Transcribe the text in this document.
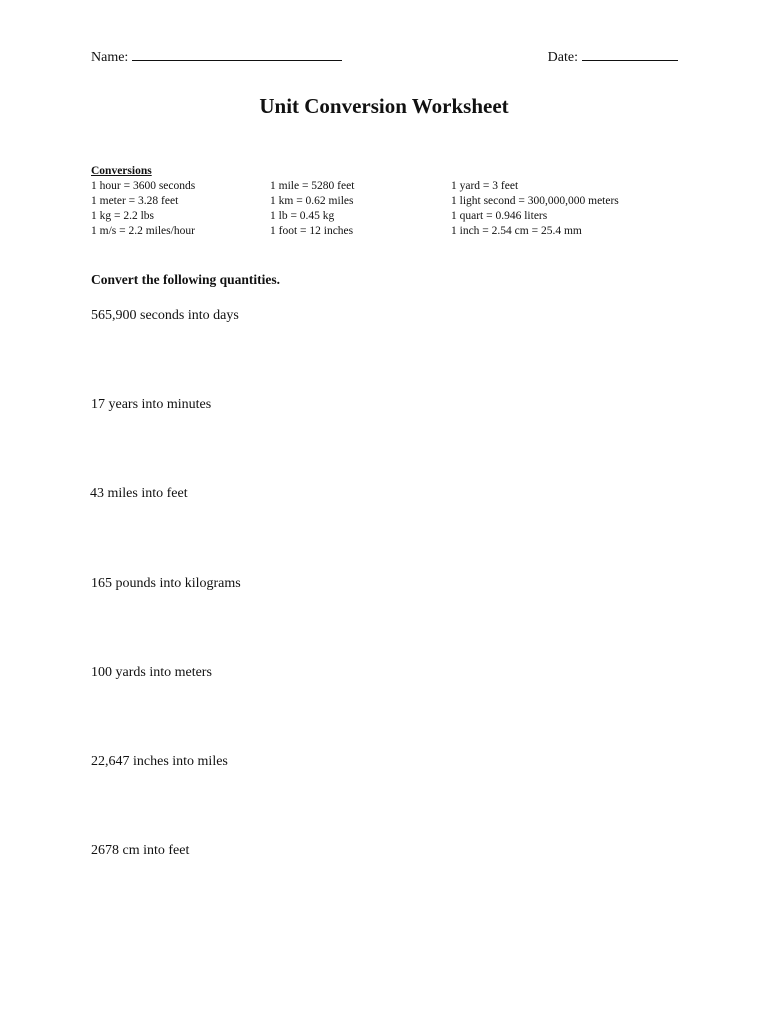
Name:	Date:
Unit Conversion Worksheet
Conversions
1 hour = 3600 seconds
1 meter = 3.28 feet
1 kg = 2.2 lbs
1 m/s = 2.2 miles/hour
1 mile = 5280 feet
1 km = 0.62 miles
1 lb = 0.45 kg
1 foot = 12 inches
1 yard = 3 feet
1 light second = 300,000,000 meters
1 quart = 0.946 liters
1 inch = 2.54 cm = 25.4 mm
Convert the following quantities.
565,900 seconds into days
17 years into minutes
43 miles into feet
165 pounds into kilograms
100 yards into meters
22,647 inches into miles
2678 cm into feet
